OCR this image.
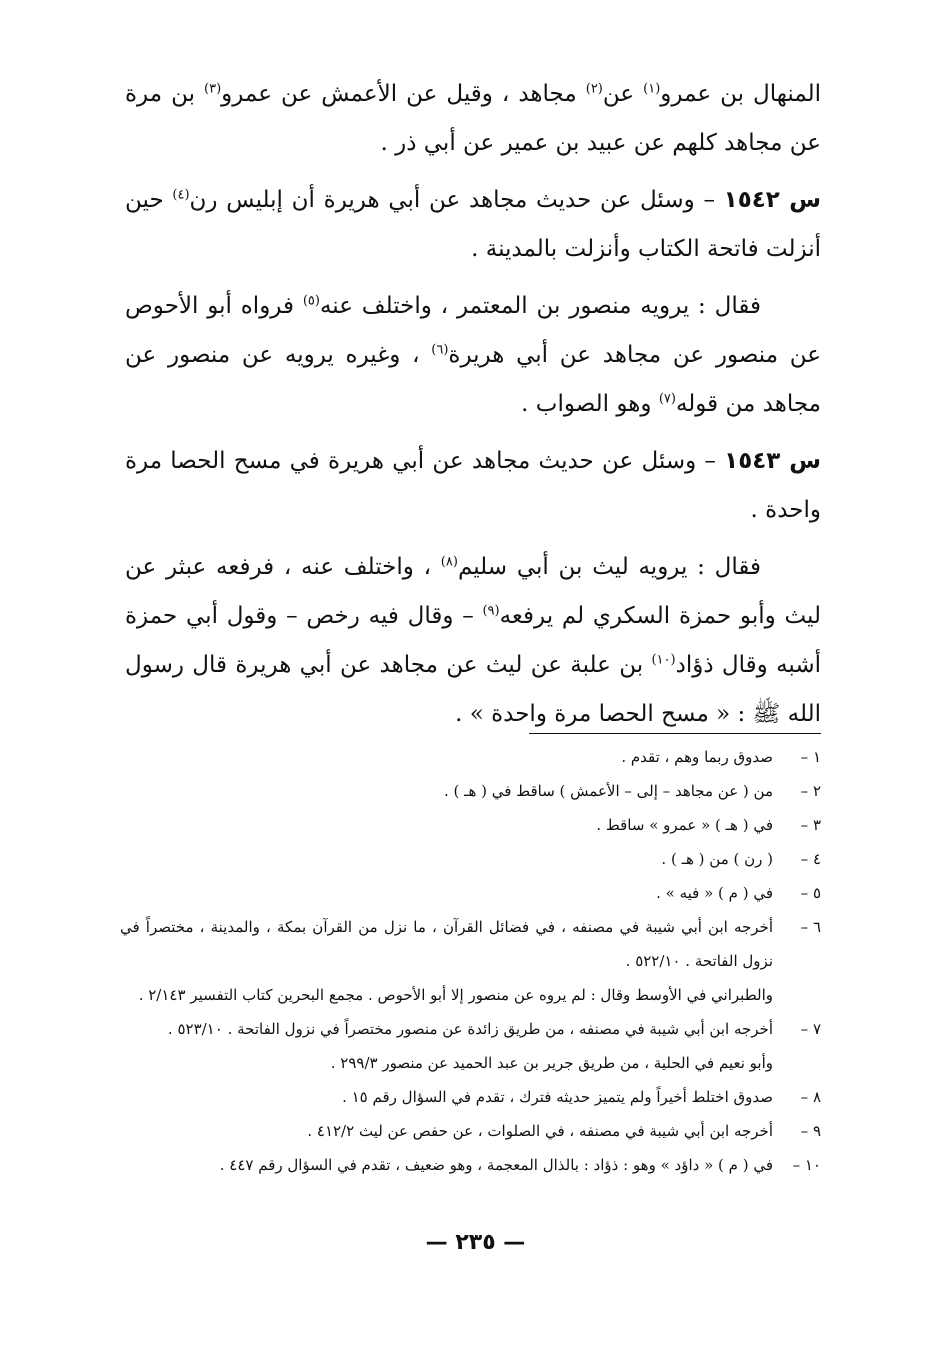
المنهال بن عمرو$^{(١)}$ عن$^{(٢)}$ مجاهد ، وقيل عن الأعمش عن عمرو$^{(٣)}$ بن مرة عن مجاهد كلهم عن عبيد بن عمير عن أبي ذر .

س ١٥٤٢ – وسئل عن حديث مجاهد عن أبي هريرة أن إبليس رن$^{(٤)}$ حين أنزلت فاتحة الكتاب وأنزلت بالمدينة .

فقال : يرويه منصور بن المعتمر ، واختلف عنه$^{(٥)}$ فرواه أبو الأحوص عن منصور عن مجاهد عن أبي هريرة$^{(٦)}$ ، وغيره يرويه عن منصور عن مجاهد من قوله$^{(٧)}$ وهو الصواب .

س ١٥٤٣ – وسئل عن حديث مجاهد عن أبي هريرة في مسح الحصا مرة واحدة .

فقال : يرويه ليث بن أبي سليم$^{(٨)}$ ، واختلف عنه ، فرفعه عبثر عن ليث وأبو حمزة السكري لم يرفعه$^{(٩)}$ – وقال فيه رخص – وقول أبي حمزة أشبه وقال ذؤاد$^{(١٠)}$ بن علبة عن ليث عن مجاهد عن أبي هريرة قال رسول الله ﷺ : « مسح الحصا مرة واحدة » .

١ –
صدوق ربما وهم ، تقدم .
٢ –
من ( عن مجاهد – إلى – الأعمش ) ساقط في ( هـ ) .
٣ –
في ( هـ ) « عمرو » ساقط .
٤ –
( رن ) من ( هـ ) .
٥ –
في ( م ) « فيه » .
٦ –
أخرجه ابن أبي شيبة في مصنفه ، في فضائل القرآن ، ما نزل من القرآن بمكة ، والمدينة ، مختصراً في نزول الفاتحة . ٥٢٢/١٠ .
والطبراني في الأوسط وقال : لم يروه عن منصور إلا أبو الأحوص . مجمع البحرين كتاب التفسير ٢/١٤٣ .
٧ –
أخرجه ابن أبي شيبة في مصنفه ، من طريق زائدة عن منصور مختصراً في نزول الفاتحة . ٥٢٣/١٠ .
وأبو نعيم في الحلية ، من طريق جرير بن عبد الحميد عن منصور ٢٩٩/٣ .
٨ –
صدوق اختلط أخيراً ولم يتميز حديثه فترك ، تقدم في السؤال رقم ١٥ .
٩ –
أخرجه ابن أبي شيبة في مصنفه ، في الصلوات ، عن حفص عن ليث ٤١٢/٢ .
١٠ –
في ( م ) « داؤد » وهو : ذؤاد : بالذال المعجمة ، وهو ضعيف ، تقدم في السؤال رقم ٤٤٧ .
— ٢٣٥ —
